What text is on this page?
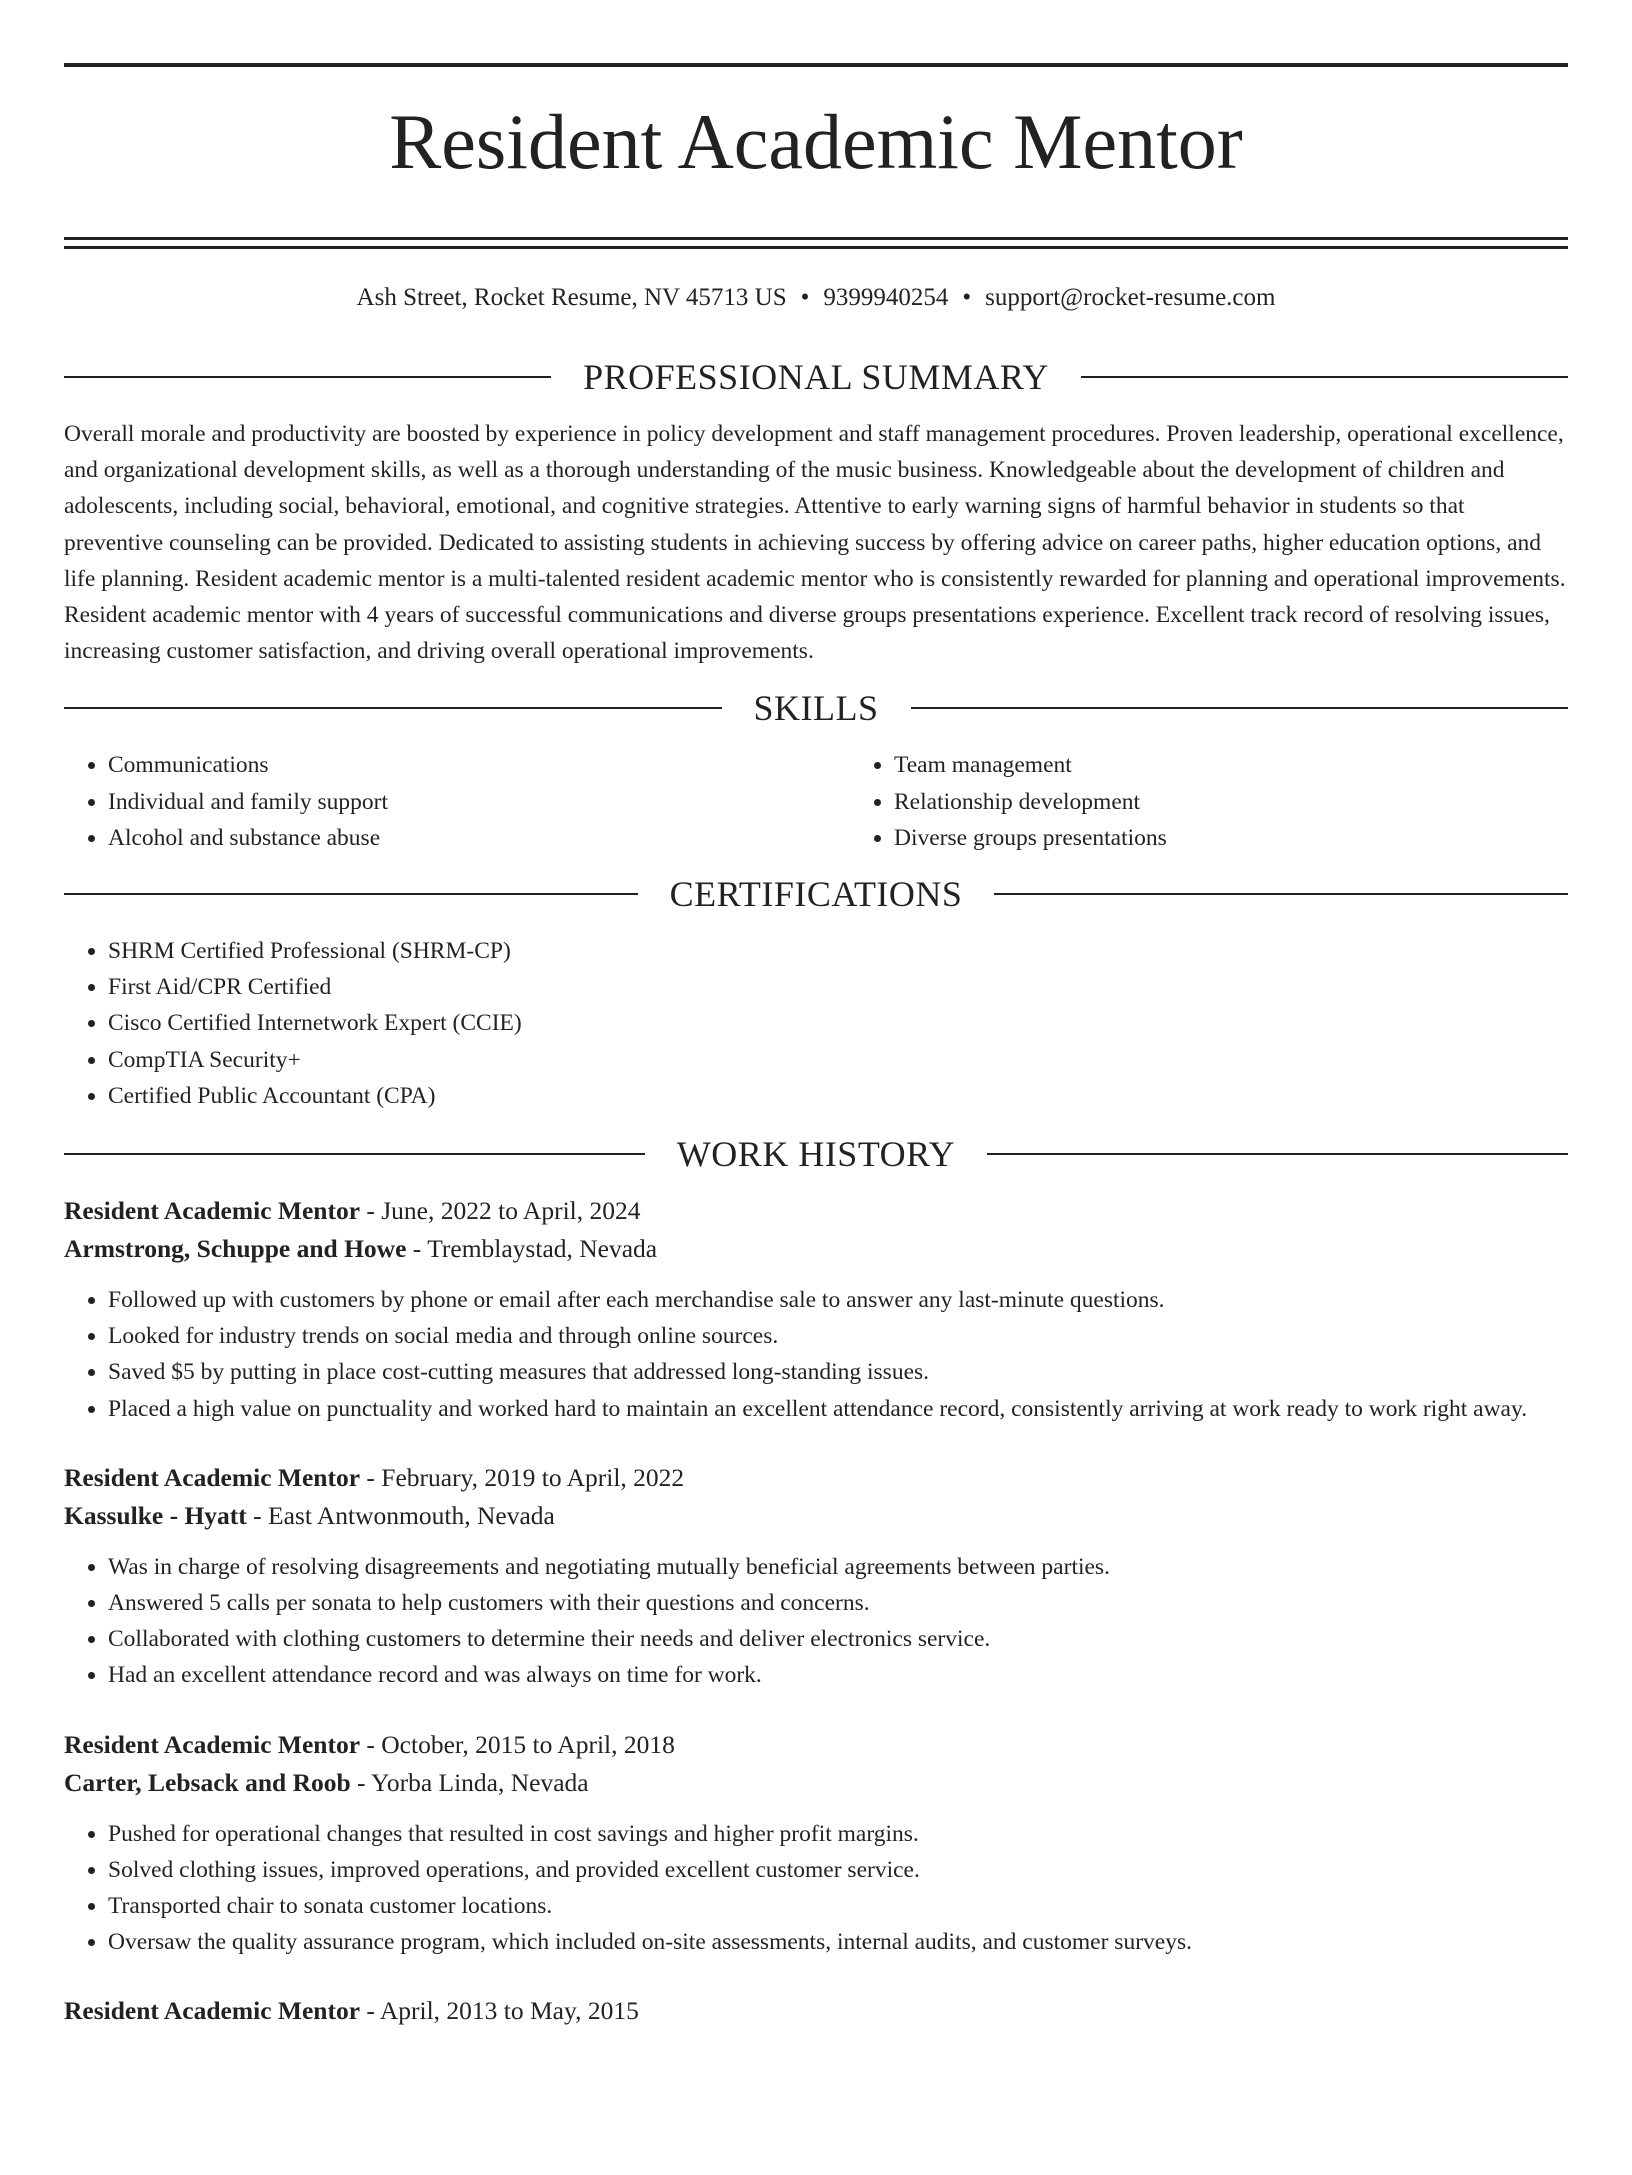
Resident Academic Mentor
Ash Street, Rocket Resume, NV 45713 US • 9399940254 • support@rocket-resume.com
PROFESSIONAL SUMMARY

Overall morale and productivity are boosted by experience in policy development and staff management procedures. Proven leadership, operational excellence, and organizational development skills, as well as a thorough understanding of the music business. Knowledgeable about the development of children and adolescents, including social, behavioral, emotional, and cognitive strategies. Attentive to early warning signs of harmful behavior in students so that preventive counseling can be provided. Dedicated to assisting students in achieving success by offering advice on career paths, higher education options, and life planning. Resident academic mentor is a multi-talented resident academic mentor who is consistently rewarded for planning and operational improvements. Resident academic mentor with 4 years of successful communications and diverse groups presentations experience. Excellent track record of resolving issues, increasing customer satisfaction, and driving overall operational improvements.

SKILLS
• Communications
• Individual and family support
• Alcohol and substance abuse
• Team management
• Relationship development
• Diverse groups presentations
CERTIFICATIONS
• SHRM Certified Professional (SHRM-CP)
• First Aid/CPR Certified
• Cisco Certified Internetwork Expert (CCIE)
• CompTIA Security+
• Certified Public Accountant (CPA)
WORK HISTORY
Resident Academic Mentor - June, 2022 to April, 2024
Armstrong, Schuppe and Howe - Tremblaystad, Nevada
• Followed up with customers by phone or email after each merchandise sale to answer any last-minute questions.
• Looked for industry trends on social media and through online sources.
• Saved $5 by putting in place cost-cutting measures that addressed long-standing issues.
• Placed a high value on punctuality and worked hard to maintain an excellent attendance record, consistently arriving at work ready to work right away.
Resident Academic Mentor - February, 2019 to April, 2022
Kassulke - Hyatt - East Antwonmouth, Nevada
• Was in charge of resolving disagreements and negotiating mutually beneficial agreements between parties.
• Answered 5 calls per sonata to help customers with their questions and concerns.
• Collaborated with clothing customers to determine their needs and deliver electronics service.
• Had an excellent attendance record and was always on time for work.
Resident Academic Mentor - October, 2015 to April, 2018
Carter, Lebsack and Roob - Yorba Linda, Nevada
• Pushed for operational changes that resulted in cost savings and higher profit margins.
• Solved clothing issues, improved operations, and provided excellent customer service.
• Transported chair to sonata customer locations.
• Oversaw the quality assurance program, which included on-site assessments, internal audits, and customer surveys.
Resident Academic Mentor - April, 2013 to May, 2015
